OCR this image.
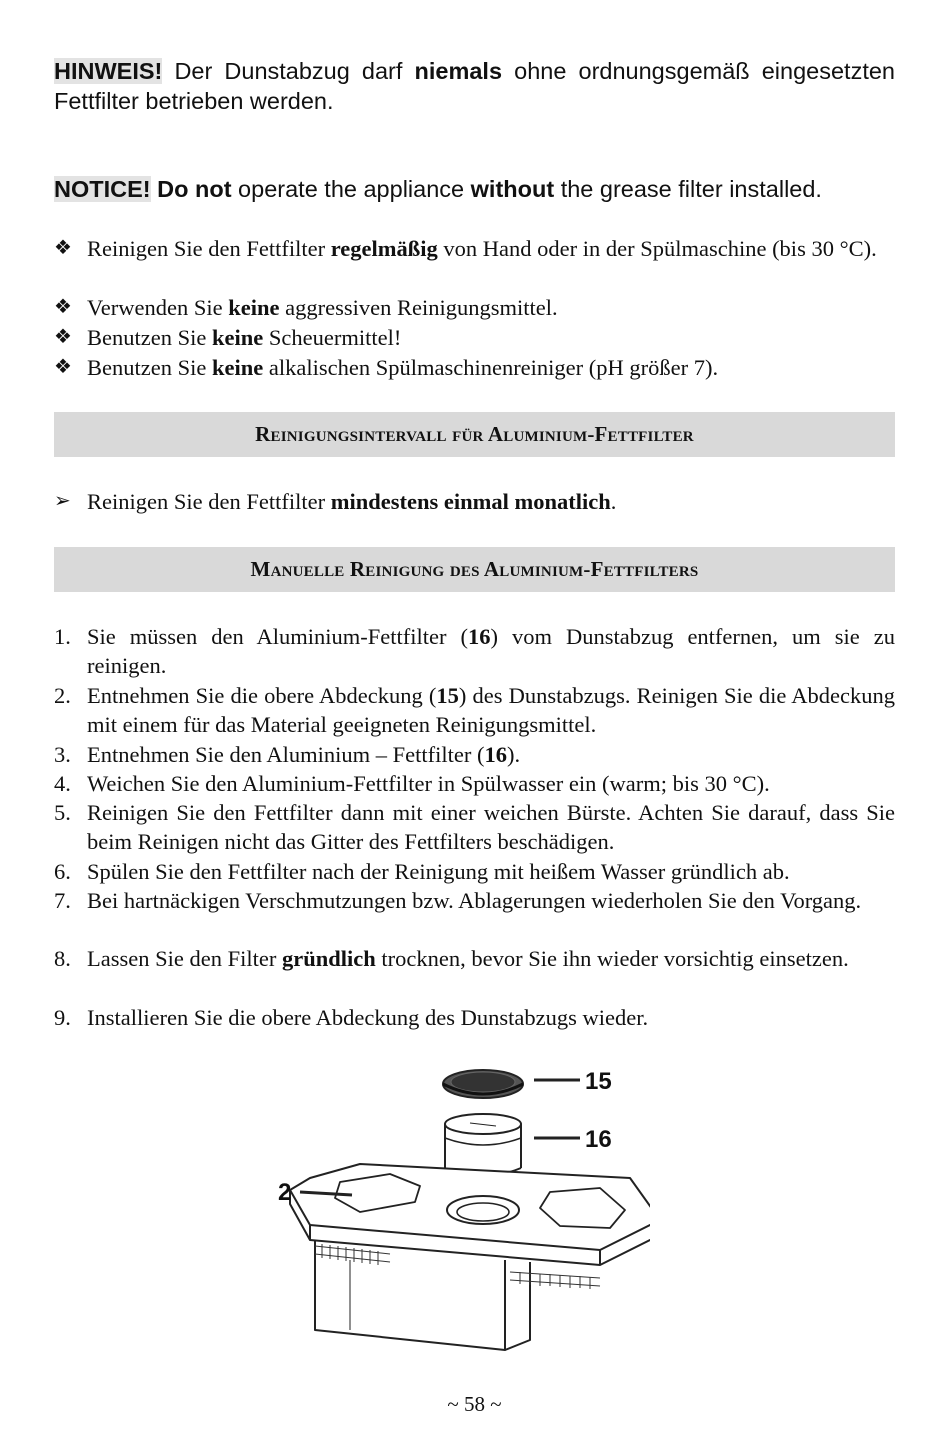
HINWEIS! Der Dunstabzug darf niemals ohne ordnungsgemäß eingesetzten Fettfilter betrieben werden.

NOTICE! Do not operate the appliance without the grease filter installed.

❖ Reinigen Sie den Fettfilter regelmäßig von Hand oder in der Spülmaschine (bis 30 °C).
❖ Verwenden Sie keine aggressiven Reinigungsmittel.
❖ Benutzen Sie keine Scheuermittel!
❖ Benutzen Sie keine alkalischen Spülmaschinenreiniger (pH größer 7).
Reinigungsintervall für Aluminium-Fettfilter
➢ Reinigen Sie den Fettfilter mindestens einmal monatlich.
Manuelle Reinigung des Aluminium-Fettfilters
1. Sie müssen den Aluminium-Fettfilter (16) vom Dunstabzug entfernen, um sie zu reinigen.
2. Entnehmen Sie die obere Abdeckung (15) des Dunstabzugs. Reinigen Sie die Abdeckung mit einem für das Material geeigneten Reinigungsmittel.
3. Entnehmen Sie den Aluminium – Fettfilter (16).
4. Weichen Sie den Aluminium-Fettfilter in Spülwasser ein (warm; bis 30 °C).
5. Reinigen Sie den Fettfilter dann mit einer weichen Bürste. Achten Sie darauf, dass Sie beim Reinigen nicht das Gitter des Fettfilters beschädigen.
6. Spülen Sie den Fettfilter nach der Reinigung mit heißem Wasser gründlich ab.
7. Bei hartnäckigen Verschmutzungen bzw. Ablagerungen wiederholen Sie den Vorgang.
8. Lassen Sie den Filter gründlich trocknen, bevor Sie ihn wieder vorsichtig einsetzen.
9. Installieren Sie die obere Abdeckung des Dunstabzugs wieder.
~ 58 ~
15
16
2
